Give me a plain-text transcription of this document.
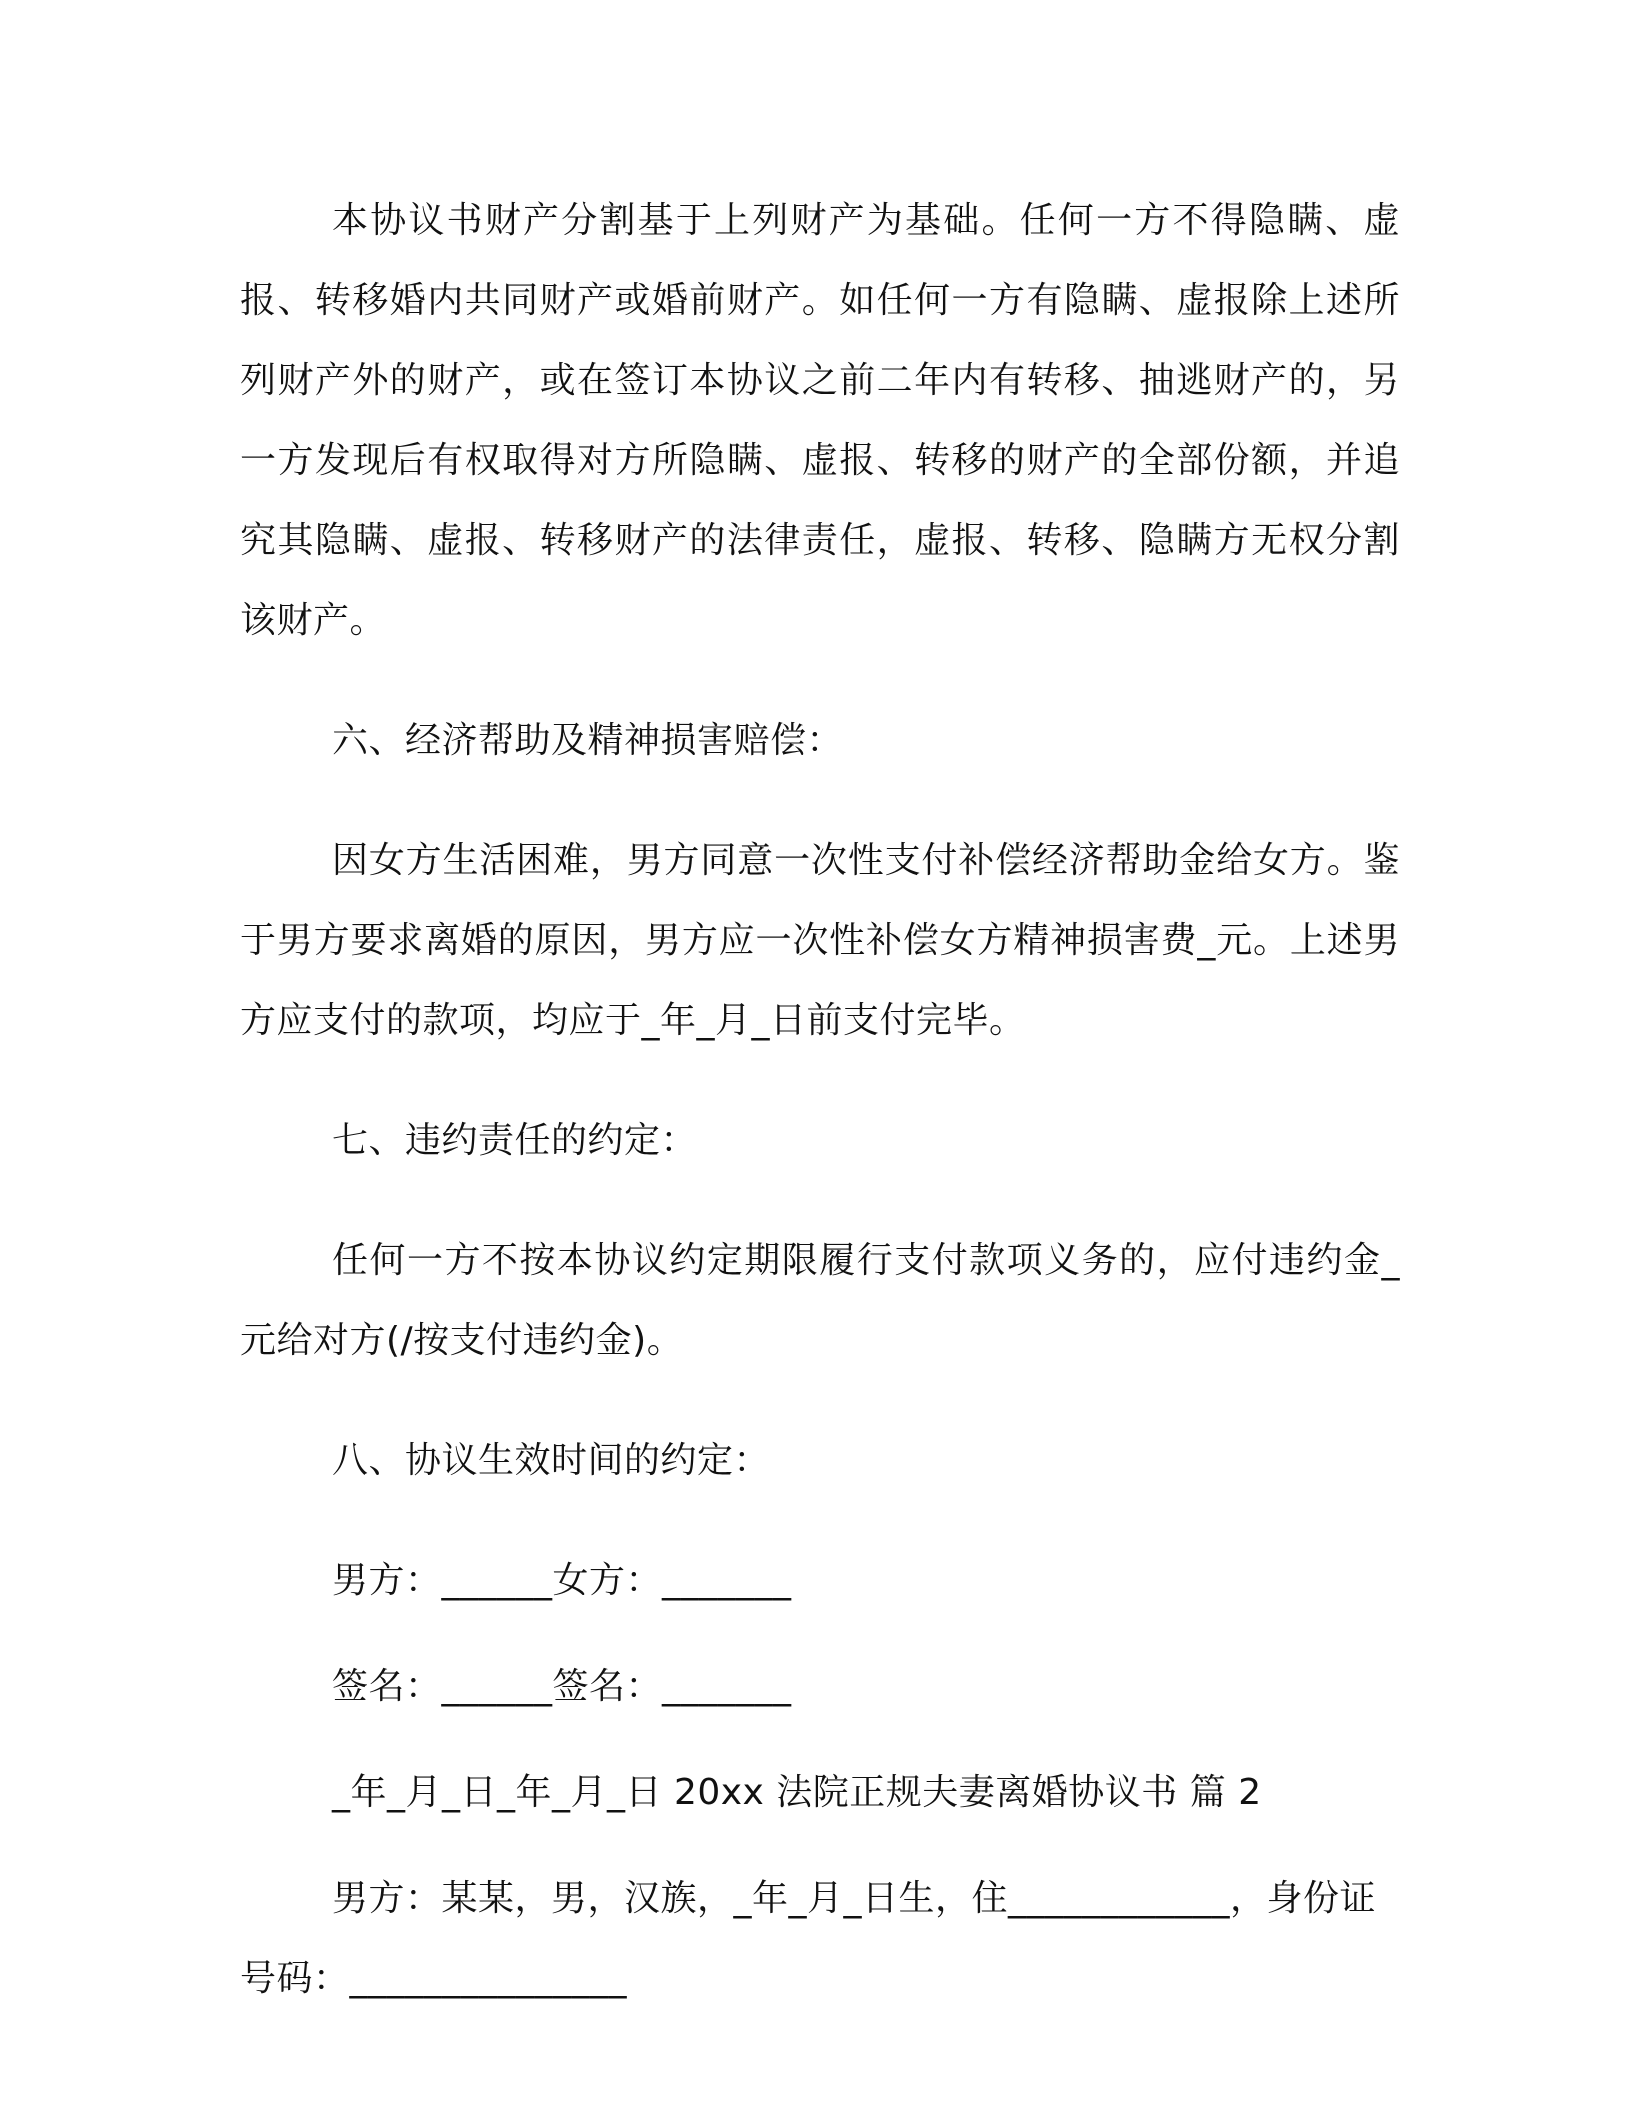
本协议书财产分割基于上列财产为基础。任何一方不得隐瞒、虚报、转移婚内共同财产或婚前财产。如任何一方有隐瞒、虚报除上述所列财产外的财产，或在签订本协议之前二年内有转移、抽逃财产的，另一方发现后有权取得对方所隐瞒、虚报、转移的财产的全部份额，并追究其隐瞒、虚报、转移财产的法律责任，虚报、转移、隐瞒方无权分割该财产。

六、经济帮助及精神损害赔偿：

因女方生活困难，男方同意一次性支付补偿经济帮助金给女方。鉴于男方要求离婚的原因，男方应一次性补偿女方精神损害费_元。上述男方应支付的款项，均应于_年_月_日前支付完毕。

七、违约责任的约定：

任何一方不按本协议约定期限履行支付款项义务的，应付违约金_元给对方(/按支付违约金)。

八、协议生效时间的约定：

男方：______女方：_______
签名：______签名：_______
_年_月_日_年_月_日 20xx 法院正规夫妻离婚协议书 篇 2
男方：某某，男，汉族，_年_月_日生，住____________，身份证号码：_______________
